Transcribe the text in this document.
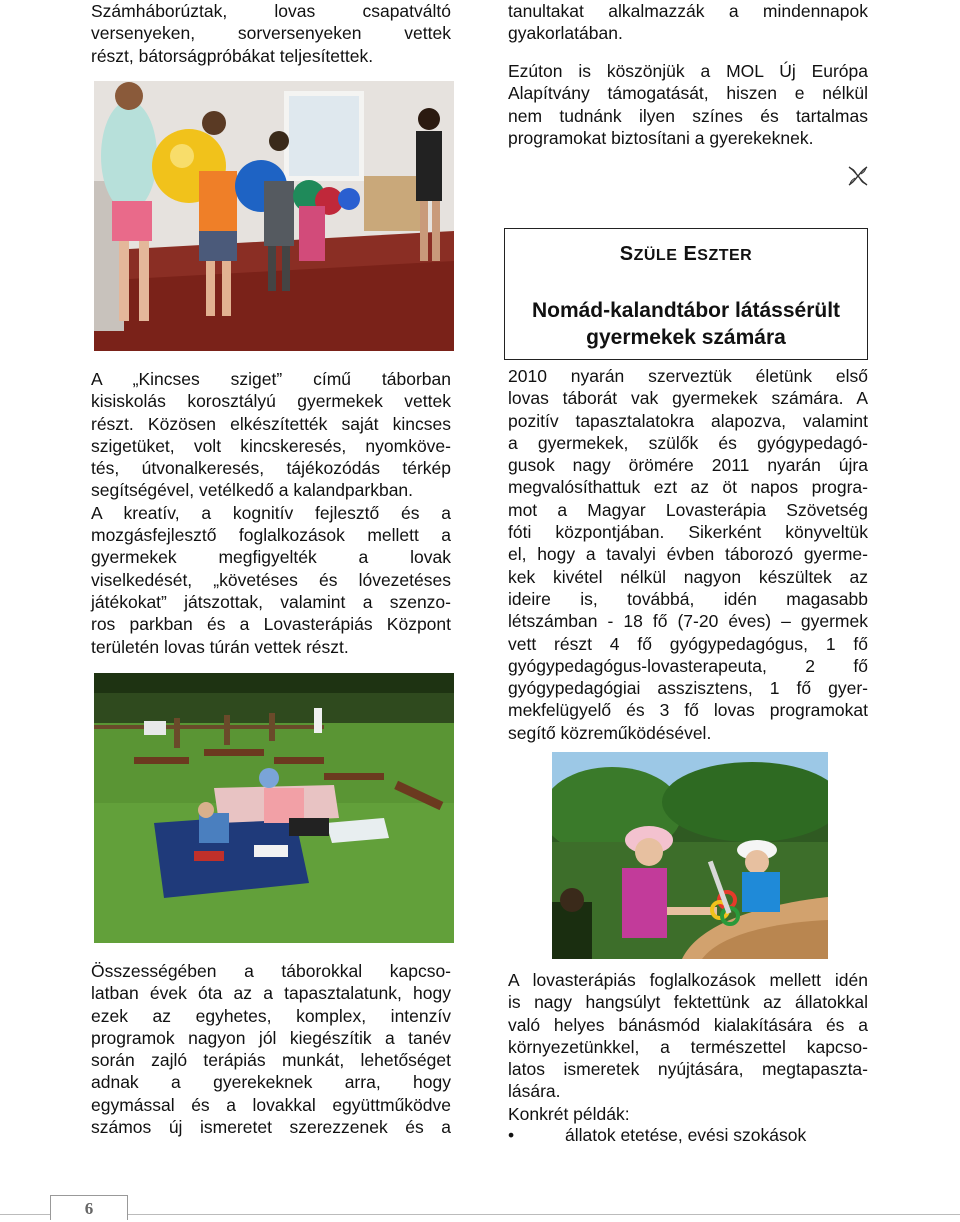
Számháborúztak, lovas csapatváltó
versenyeken, sorversenyeken vettek
részt, bátorságpróbákat teljesítettek.
A „Kincses sziget” című táborban
kisiskolás korosztályú gyermekek vettek
részt. Közösen elkészítették saját kincses
szigetüket, volt kincskeresés, nyomköve-
tés, útvonalkeresés, tájékozódás térkép
segítségével, vetélkedő a kalandparkban.
A kreatív, a kognitív fejlesztő és a
mozgásfejlesztő foglalkozások mellett a
gyermekek megfigyelték a lovak
viselkedését, „követéses és lóvezetéses
játékokat” játszottak, valamint a szenzo-
ros parkban és a Lovasterápiás Központ
területén lovas túrán vettek részt.
Összességében a táborokkal kapcso-
latban évek óta az a tapasztalatunk, hogy
ezek az egyhetes, komplex, intenzív
programok nagyon jól kiegészítik a tanév
során zajló terápiás munkát, lehetőséget
adnak a gyerekeknek arra, hogy
egymással és a lovakkal együttműködve
számos új ismeretet szerezzenek és a
tanultakat alkalmazzák a mindennapok
gyakorlatában.
Ezúton is köszönjük a MOL Új Európa
Alapítvány támogatását, hiszen e nélkül
nem tudnánk ilyen színes és tartalmas
programokat biztosítani a gyerekeknek.
SZÜLE ESZTER
Nomád-kalandtábor látássérült
gyermekek számára
2010 nyarán szerveztük életünk első
lovas táborát vak gyermekek számára. A
pozitív tapasztalatokra alapozva, valamint
a gyermekek, szülők és gyógypedagó-
gusok nagy örömére 2011 nyarán újra
megvalósíthattuk ezt az öt napos progra-
mot a Magyar Lovasterápia Szövetség
fóti központjában. Sikerként könyveltük
el, hogy a tavalyi évben táborozó gyerme-
kek kivétel nélkül nagyon készültek az
ideire is, továbbá, idén magasabb
létszámban - 18 fő (7-20 éves) – gyermek
vett részt 4 fő gyógypedagógus, 1 fő
gyógypedagógus-lovasterapeuta, 2 fő
gyógypedagógiai asszisztens, 1 fő gyer-
mekfelügyelő és 3 fő lovas programokat
segítő közreműködésével.
A lovasterápiás foglalkozások mellett idén
is nagy hangsúlyt fektettünk az állatokkal
való helyes bánásmód kialakítására és a
környezetünkkel, a természettel kapcso-
latos ismeretek nyújtására, megtapaszta-
lására.
Konkrét példák:
•	állatok etetése, evési szokások
6
